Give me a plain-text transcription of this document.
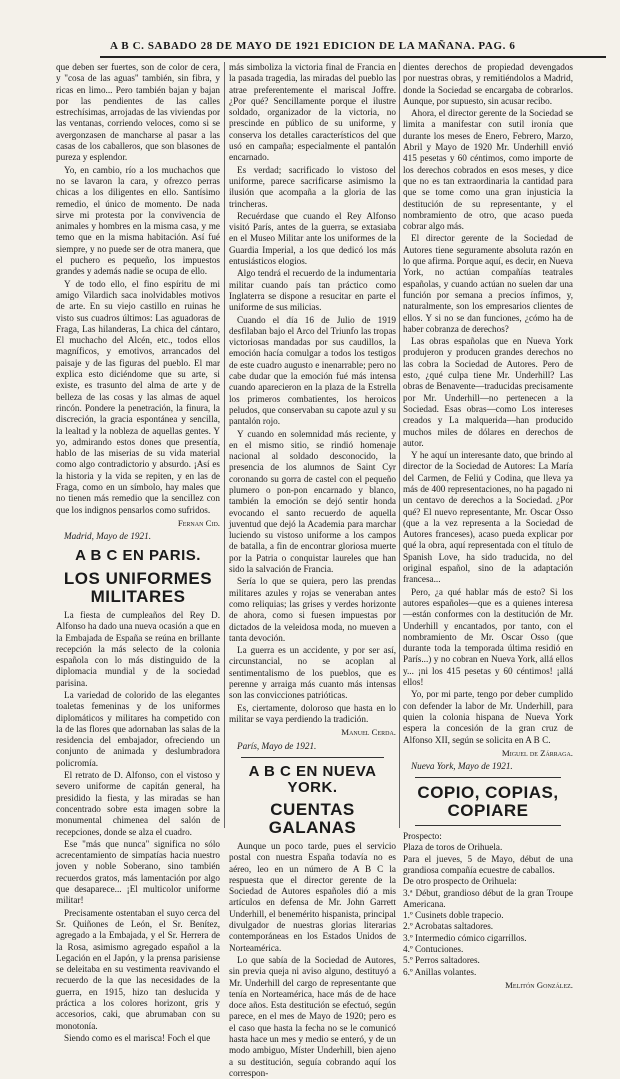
A B C. SABADO 28 DE MAYO DE 1921 EDICION DE LA MAÑANA. PAG. 6

que deben ser fuertes, son de color de cera, y "cosa de las aguas" también, sin fibra, y ricas en limo... Pero también bajan y bajan por las pendientes de las calles estrechísimas, arrojadas de las viviendas por las ventanas, corriendo veloces, como si se avergonzasen de mancharse al pasar a las casas de los caballeros, que son blasones de pureza y esplendor.

Yo, en cambio, río a los muchachos que no se lavaron la cara, y ofrezco perras chicas a los diligentes en ello. Santísimo remedio, el único de momento. De nada sirve mi protesta por la convivencia de animales y hombres en la misma casa, y me temo que en la misma habitación. Así fué siempre, y no puede ser de otra manera, que el puchero es pequeño, los impuestos grandes y además nadie se ocupa de ello.

Y de todo ello, el fino espíritu de mi amigo Vilardich saca inolvidables motivos de arte. En su viejo castillo en ruinas he visto sus cuadros últimos: Las aguadoras de Fraga, Las hilanderas, La chica del cántaro, El muchacho del Alcén, etc., todos ellos magníficos, y emotivos, arrancados del paisaje y de las figuras del pueblo. El mar explica esto diciéndome que su arte, si existe, es trasunto del alma de arte y de belleza de las cosas y las almas de aquel rincón. Pondere la penetración, la finura, la discreción, la gracia espontánea y sencilla, la lealtad y la nobleza de aquellas gentes. Y yo, admirando estos dones que presentía, hablo de las miserias de su vida material como algo contradictorio y absurdo. ¡Así es la historia y la vida se repiten, y en las de Fraga, como en un símbolo, hay males que no tienen más remedio que la sencillez con que los indignos pensarlos como sufridos.

Fernan Cid.

Madrid, Mayo de 1921.

A B C EN PARIS.
LOS UNIFORMES MILITARES

La fiesta de cumpleaños del Rey D. Alfonso ha dado una nueva ocasión a que en la Embajada de España se reúna en brillante recepción la más selecto de la colonia española con lo más distinguido de la diplomacia mundial y de la sociedad parisina.

La variedad de colorido de las elegantes toaletas femeninas y de los uniformes diplomáticos y militares ha competido con la de las flores que adornaban las salas de la residencia del embajador, ofreciendo un conjunto de animada y deslumbradora policromía.

El retrato de D. Alfonso, con el vistoso y severo uniforme de capitán general, ha presidido la fiesta, y las miradas se han concentrado sobre esta imagen sobre la monumental chimenea del salón de recepciones, donde se alza el cuadro.

Ese "más que nunca" significa no sólo acrecentamiento de simpatías hacia nuestro joven y noble Soberano, sino también recuerdos gratos, más lamentación por algo que desaparece... ¡El multicolor uniforme militar!

Precisamente ostentaban el suyo cerca del Sr. Quiñones de León, el Sr. Benítez, agregado a la Embajada, y el Sr. Herrera de la Rosa, asimismo agregado español a la Legación en el Japón, y la prensa parisiense se deleitaba en su vestimenta reavivando el recuerdo de la que las necesidades de la guerra, en 1915, hizo tan deslucida y práctica a los colores horizont, gris y accesorios, caki, que abrumaban con su monotonía.

Siendo como es el marisca! Foch el que

más simboliza la victoria final de Francia en la pasada tragedia, las miradas del pueblo las atrae preferentemente el mariscal Joffre. ¿Por qué? Sencillamente porque el ilustre soldado, organizador de la victoria, no prescinde en público de su uniforme, y conserva los detalles característicos del que usó en campaña; especialmente el pantalón encarnado.

Es verdad; sacrificado lo vistoso del uniforme, parece sacrificarse asimismo la ilusión que acompaña a la gloria de las trincheras.

Recuérdase que cuando el Rey Alfonso visitó París, antes de la guerra, se extasiaba en el Museo Militar ante los uniformes de la Guardia Imperial, a los que dedicó los más entusiásticos elogios.

Algo tendrá el recuerdo de la indumentaria militar cuando país tan práctico como Inglaterra se dispone a resucitar en parte el uniforme de sus milicias.

Cuando el día 16 de Julio de 1919 desfilaban bajo el Arco del Triunfo las tropas victoriosas mandadas por sus caudillos, la emoción hacía comulgar a todos los testigos de este cuadro augusto e inenarrable; pero no cabe dudar que la emoción fué más intensa cuando aparecieron en la plaza de la Estrella los primeros combatientes, los heroicos peludos, que conservaban su capote azul y su pantalón rojo.

Y cuando en solemnidad más reciente, y en el mismo sitio, se rindió homenaje nacional al soldado desconocido, la presencia de los alumnos de Saint Cyr coronando su gorra de castel con el pequeño plumero o pon-pon encarnado y blanco, también la emoción se dejó sentir honda evocando el santo recuerdo de aquella juventud que dejó la Academia para marchar luciendo su vistoso uniforme a los campos de batalla, a fin de encontrar gloriosa muerte por la Patria o conquistar laureles que han sido la salvación de Francia.

Sería lo que se quiera, pero las prendas militares azules y rojas se veneraban antes como reliquias; las grises y verdes horizonte de ahora, como si fuesen impuestas por dictados de la veleidosa moda, no mueven a tanta devoción.

La guerra es un accidente, y por ser así, circunstancial, no se acoplan al sentimentalismo de los pueblos, que es perenne y arraiga más cuanto más intensas son las convicciones patrióticas.

Es, ciertamente, doloroso que hasta en lo militar se vaya perdiendo la tradición.

Manuel Cerda.

París, Mayo de 1921.

A B C EN NUEVA YORK.
CUENTAS GALANAS

Aunque un poco tarde, pues el servicio postal con nuestra España todavía no es aéreo, leo en un número de A B C la respuesta que el director gerente de la Sociedad de Autores españoles dió a mis artículos en defensa de Mr. John Garrett Underhill, el benemérito hispanista, principal divulgador de nuestras glorias literarias contemporáneas en los Estados Unidos de Norteamérica.

Lo que sabía de la Sociedad de Autores, sin previa queja ni aviso alguno, destituyó a Mr. Underhill del cargo de representante que tenía en Norteamérica, hace más de de hace doce años. Esta destitución se efectuó, según parece, en el mes de Mayo de 1920; pero es el caso que hasta la fecha no se le comunicó hasta hace un mes y medio se enteró, y de un modo ambiguo, Míster Underhill, bien ajeno a su destitución, seguía cobrando aquí los correspon-

dientes derechos de propiedad devengados por nuestras obras, y remitiéndolos a Madrid, donde la Sociedad se encargaba de cobrarlos. Aunque, por supuesto, sin acusar recibo.

Ahora, el director gerente de la Sociedad se limita a manifestar con sutil ironía que durante los meses de Enero, Febrero, Marzo, Abril y Mayo de 1920 Mr. Underhill envió 415 pesetas y 60 céntimos, como importe de los derechos cobrados en esos meses, y dice que no es tan extraordinaria la cantidad para que se tome como una gran injusticia la destitución de su representante, y el nombramiento de otro, que acaso pueda cobrar algo más.

El director gerente de la Sociedad de Autores tiene seguramente absoluta razón en lo que afirma. Porque aquí, es decir, en Nueva York, no actúan compañías teatrales españolas, y cuando actúan no suelen dar una función por semana a precios ínfimos, y, naturalmente, son los empresarios clientes de ellos. Y si no se dan funciones, ¿cómo ha de haber cobranza de derechos?

Las obras españolas que en Nueva York produjeron y producen grandes derechos no las cobra la Sociedad de Autores. Pero de esto, ¿qué culpa tiene Mr. Underhill? Las obras de Benavente—traducidas precisamente por Mr. Underhill—no pertenecen a la Sociedad. Esas obras—como Los intereses creados y La malquerida—han producido muchos miles de dólares en derechos de autor.

Y he aquí un interesante dato, que brindo al director de la Sociedad de Autores: La María del Carmen, de Feliú y Codina, que lleva ya más de 400 representaciones, no ha pagado ni un centavo de derechos a la Sociedad. ¿Por qué? El nuevo representante, Mr. Oscar Osso (que a la vez representa a la Sociedad de Autores franceses), acaso pueda explicar por qué la obra, aquí representada con el título de Spanish Love, ha sido traducida, no del original español, sino de la adaptación francesa...

Pero, ¿a qué hablar más de esto? Si los autores españoles—que es a quienes interesa—están conformes con la destitución de Mr. Underhill y encantados, por tanto, con el nombramiento de Mr. Oscar Osso (que durante toda la temporada última residió en París...) y no cobran en Nueva York, allá ellos y... ¡ni los 415 pesetas y 60 céntimos! ¡allá ellos!

Yo, por mi parte, tengo por deber cumplido con defender la labor de Mr. Underhill, para quien la colonia hispana de Nueva York espera la concesión de la gran cruz de Alfonso XII, según se solicita en A B C.

Miguel de Zárraga.

Nueva York, Mayo de 1921.

COPIO, COPIAS, COPIARE

Prospecto:

Plaza de toros de Orihuela.

Para el jueves, 5 de Mayo, début de una grandiosa compañía ecuestre de caballos.

De otro prospecto de Orihuela:

3.ª Début, grandioso début de la gran Troupe Americana.

1.º Cusinets doble trapecio.

2.º Acrobatas saltadores.

3.º Intermedio cómico cigarrillos.

4.º Contuciones.

5.º Perros saltadores.

6.º Anillas volantes.

Melitón González.
